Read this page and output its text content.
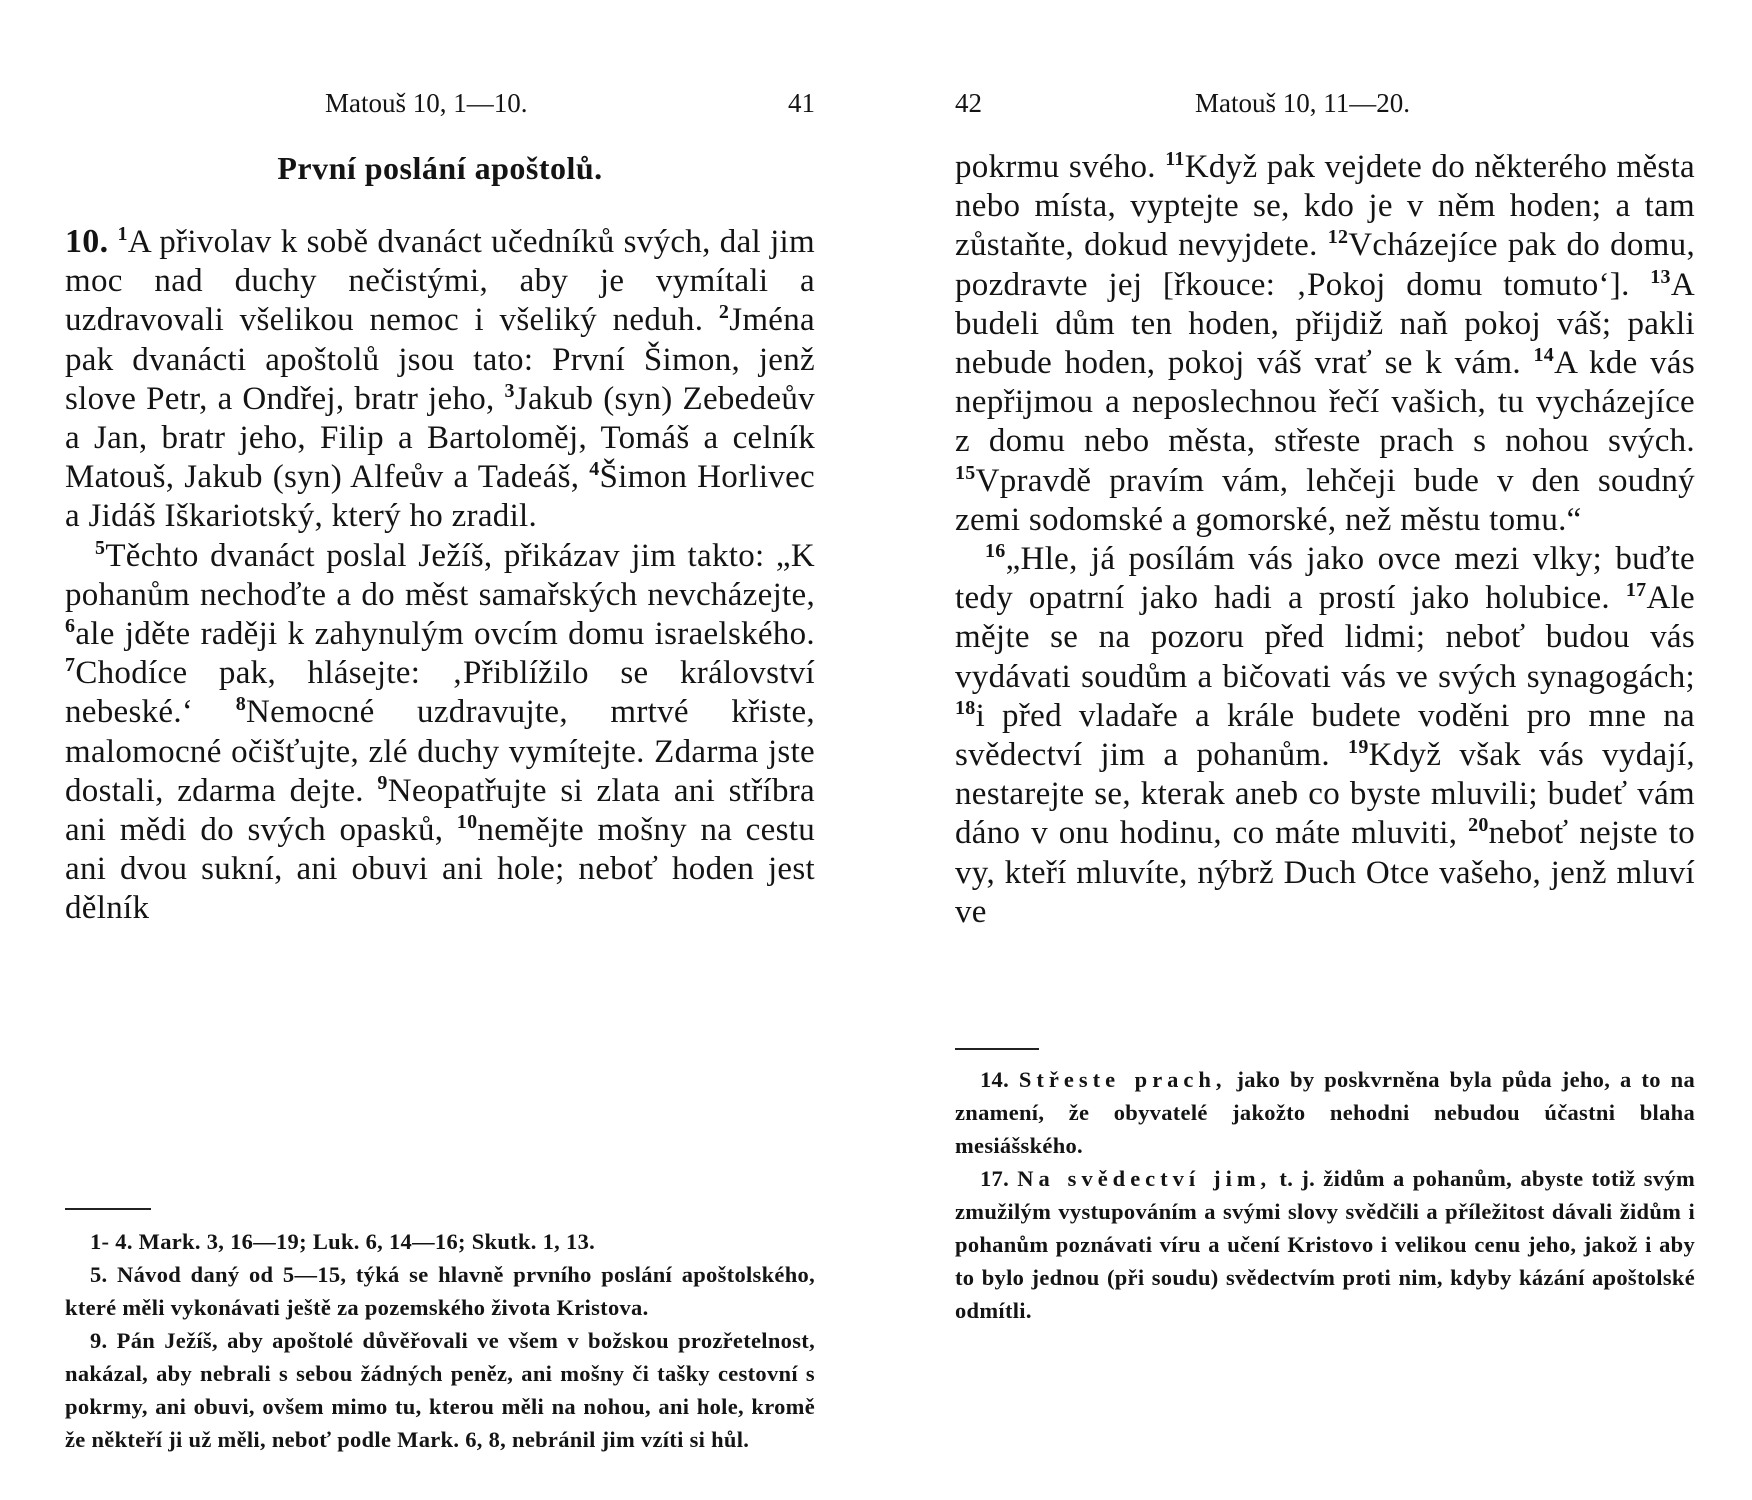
Matouš 10, 1—10.	41
První poslání apoštolů.

10. $^1$A přivolav k sobě dvanáct učedníků svých, dal jim moc nad duchy nečistými, aby je vymítali a uzdravovali všelikou nemoc i všeliký neduh. $^2$Jména pak dvanácti apoštolů jsou tato: První Šimon, jenž slove Petr, a Ondřej, bratr jeho, $^3$Jakub (syn) Zebedeův a Jan, bratr jeho, Filip a Bartoloměj, Tomáš a celník Matouš, Jakub (syn) Alfeův a Tadeáš, $^4$Šimon Horlivec a Jidáš Iškariotský, který ho zradil.

$^5$Těchto dvanáct poslal Ježíš, přikázav jim takto: „K pohanům nechoďte a do měst samařských nevcházejte, $^6$ale jděte raději k zahynulým ovcím domu israelského. $^7$Chodíce pak, hlásejte: ‚Přiblížilo se království nebeské.‘ $^8$Nemocné uzdravujte, mrtvé křiste, malomocné očišťujte, zlé duchy vymítejte. Zdarma jste dostali, zdarma dejte. $^9$Neopatřujte si zlata ani stříbra ani mědi do svých opasků, $^{10}$nemějte mošny na cestu ani dvou sukní, ani obuvi ani hole; neboť hoden jest dělník

1- 4. Mark. 3, 16—19; Luk. 6, 14—16; Skutk. 1, 13.

5. Návod daný od 5—15, týká se hlavně prvního poslání apoštolského, které měli vykonávati ještě za pozemského života Kristova.

9. Pán Ježíš, aby apoštolé důvěřovali ve všem v božskou prozřetelnost, nakázal, aby nebrali s sebou žádných peněz, ani mošny či tašky cestovní s pokrmy, ani obuvi, ovšem mimo tu, kterou měli na nohou, ani hole, kromě že někteří ji už měli, neboť podle Mark. 6, 8, nebránil jim vzíti si hůl.

42	Matouš 10, 11—20.

pokrmu svého. $^{11}$Když pak vejdete do některého města nebo místa, vyptejte se, kdo je v něm hoden; a tam zůstaňte, dokud nevyjdete. $^{12}$Vcházejíce pak do domu, pozdravte jej [řkouce: ‚Pokoj domu tomuto‘]. $^{13}$A budeli dům ten hoden, přijdiž naň pokoj váš; pakli nebude hoden, pokoj váš vrať se k vám. $^{14}$A kde vás nepřijmou a neposlechnou řečí vašich, tu vycházejíce z domu nebo města, střeste prach s nohou svých. $^{15}$Vpravdě pravím vám, lehčeji bude v den soudný zemi sodomské a gomorské, než městu tomu.“

$^{16}$„Hle, já posílám vás jako ovce mezi vlky; buďte tedy opatrní jako hadi a prostí jako holubice. $^{17}$Ale mějte se na pozoru před lidmi; neboť budou vás vydávati soudům a bičovati vás ve svých synagogách; $^{18}$i před vladaře a krále budete voděni pro mne na svědectví jim a pohanům. $^{19}$Když však vás vydají, nestarejte se, kterak aneb co byste mluvili; budeť vám dáno v onu hodinu, co máte mluviti, $^{20}$neboť nejste to vy, kteří mluvíte, nýbrž Duch Otce vašeho, jenž mluví ve

14. Střeste prach, jako by poskvrněna byla půda jeho, a to na znamení, že obyvatelé jakožto nehodni nebudou účastni blaha mesiášského.

17. Na svědectví jim, t. j. židům a pohanům, abyste totiž svým zmužilým vystupováním a svými slovy svědčili a příležitost dávali židům i pohanům poznávati víru a učení Kristovo i velikou cenu jeho, jakož i aby to bylo jednou (při soudu) svědectvím proti nim, kdyby kázání apoštolské odmítli.
